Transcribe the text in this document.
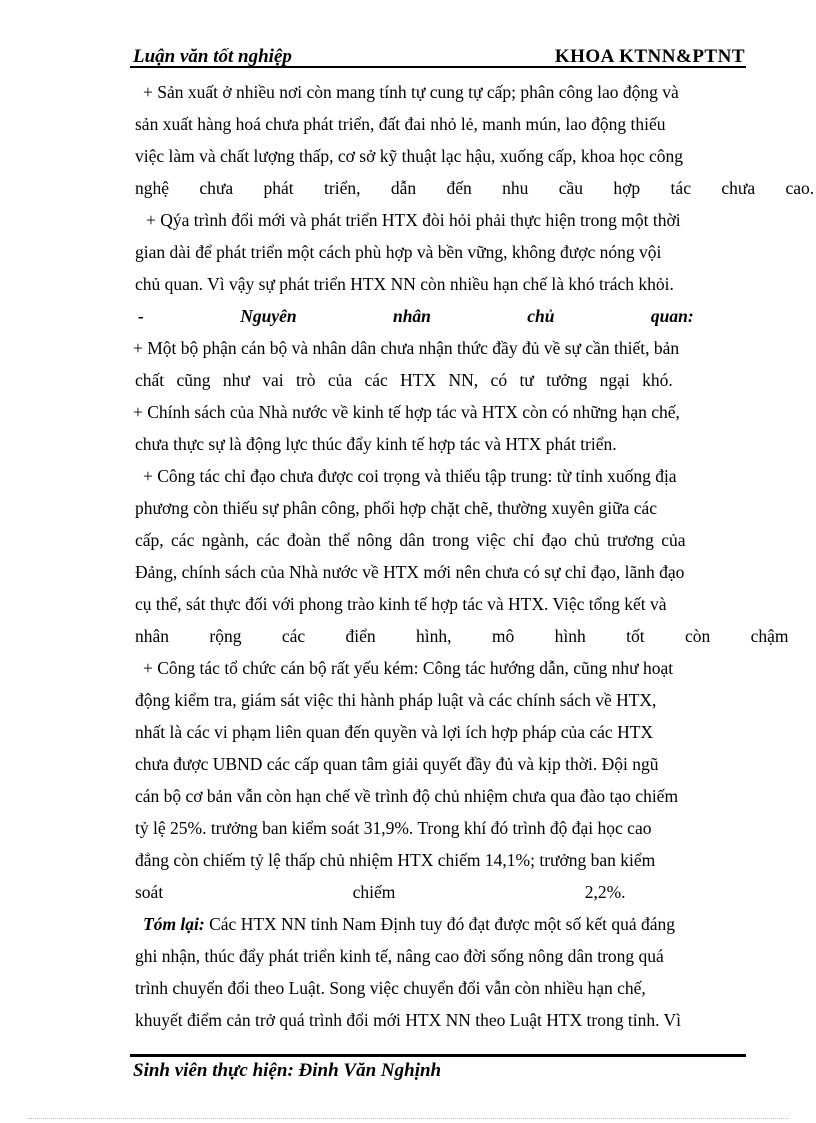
Luận văn tốt nghiệp	KHOA KTNN&PTNT
+ Sản xuất ở nhiều nơi còn mang tính tự cung tự cấp; phân công lao động và
sản xuất hàng hoá chưa phát triển, đất đai nhỏ lẻ, manh mún, lao động thiếu
việc làm và chất lượng thấp, cơ sở kỹ thuật lạc hậu, xuống cấp, khoa học công
nghệ chưa phát triển, dẫn đến nhu cầu hợp tác chưa cao.
+ Qýa trình đổi mới và phát triển HTX đòi hỏi phải thực hiện trong một thời
gian dài để phát triển một cách phù hợp và bền vững, không được nóng vội
chủ quan. Vì vậy sự phát triển HTX NN còn nhiều hạn chế là khó trách khỏi.
- Nguyên nhân chủ quan:
+ Một bộ phận cán bộ và nhân dân chưa nhận thức đầy đủ về sự cần thiết, bản
chất cũng như vai trò của các HTX NN, có tư tưởng ngại khó.
+ Chính sách của Nhà nước về kinh tế hợp tác và HTX còn có những hạn chế,
chưa thực sự là động lực thúc đẩy kinh tế hợp tác và HTX phát triển.
+ Công tác chỉ đạo chưa được coi trọng và thiếu tập trung: từ tỉnh xuống địa
phương còn thiếu sự phân công, phối hợp chặt chẽ, thường xuyên giữa các
cấp, các ngành, các đoàn thể nông dân trong việc chỉ đạo chủ trương của
Đảng, chính sách của Nhà nước về HTX mới nên chưa có sự chỉ đạo, lãnh đạo
cụ thể, sát thực đối với phong trào kinh tế hợp tác và HTX. Việc tổng kết và
nhân rộng các điển hình, mô hình tốt còn chậm
+ Công tác tổ chức cán bộ rất yếu kém: Công tác hướng dẫn, cũng như hoạt
động kiểm tra, giám sát việc thi hành pháp luật và các chính sách về HTX,
nhất là các vi phạm liên quan đến quyền và lợi ích hợp pháp của các HTX
chưa được UBND các cấp quan tâm giải quyết đầy đủ và kịp thời. Đội ngũ
cán bộ cơ bản vẫn còn hạn chế về trình độ chủ nhiệm chưa qua đào tạo chiếm
tỷ lệ 25%. trưởng ban kiểm soát 31,9%. Trong khí đó trình độ đại học cao
đẳng còn chiếm tỷ lệ thấp chủ nhiệm HTX chiếm 14,1%; trưởng ban kiểm
soát chiếm 2,2%.
Tóm lại: Các HTX NN tỉnh Nam Định tuy đó đạt được một số kết quả đáng
ghi nhận, thúc đẩy phát triển kinh tế, nâng cao đời sống nông dân trong quá
trình chuyển đổi theo Luật. Song việc chuyển đổi vẫn còn nhiều hạn chế,
khuyết điểm cản trở quá trình đổi mới HTX NN theo Luật HTX trong tỉnh. Vì
Sinh viên thực hiện: Đinh Văn Nghịnh
